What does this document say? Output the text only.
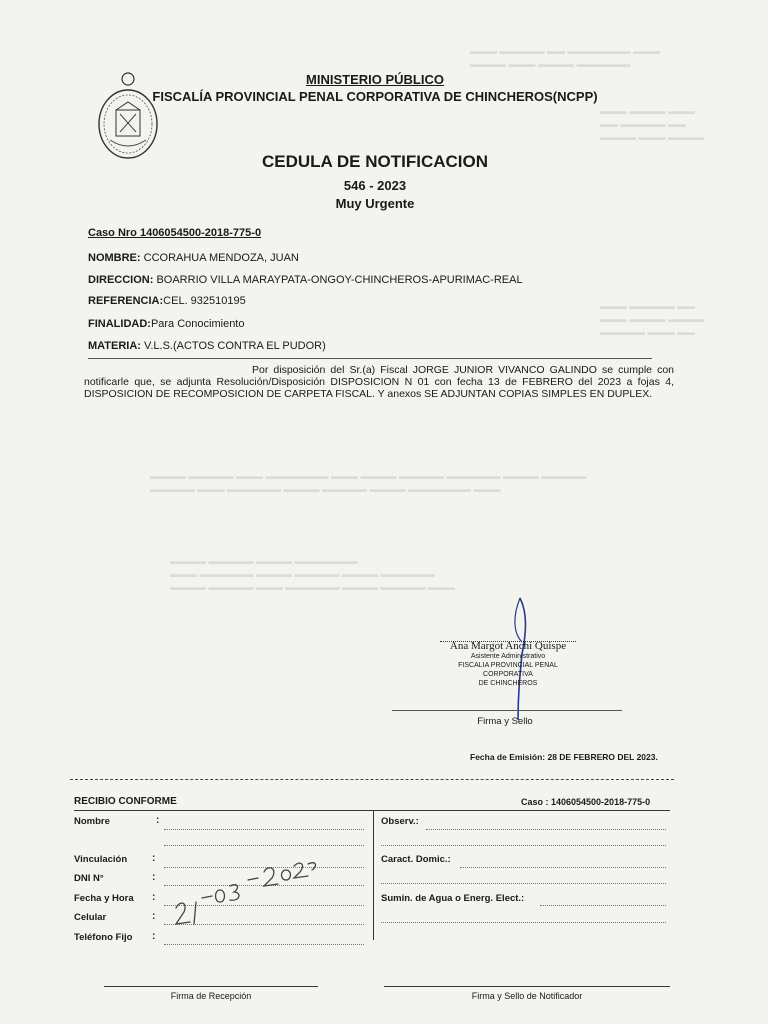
▬▬▬ ▬▬▬▬▬ ▬▬ ▬▬▬▬▬▬▬ ▬▬▬
▬▬▬▬ ▬▬▬ ▬▬▬▬ ▬▬▬▬▬▬
▬▬▬ ▬▬▬▬ ▬▬▬
▬▬ ▬▬▬▬▬ ▬▬
▬▬▬▬ ▬▬▬ ▬▬▬▬
▬▬▬ ▬▬▬▬▬ ▬▬
▬▬▬ ▬▬▬▬ ▬▬▬▬
▬▬▬▬▬ ▬▬▬ ▬▬
▬▬▬▬ ▬▬▬▬▬ ▬▬▬ ▬▬▬▬▬▬▬ ▬▬▬ ▬▬▬▬ ▬▬▬▬▬ ▬▬▬▬▬▬ ▬▬▬▬ ▬▬▬▬▬
▬▬▬▬▬ ▬▬▬ ▬▬▬▬▬▬ ▬▬▬▬ ▬▬▬▬▬ ▬▬▬▬ ▬▬▬▬▬▬▬ ▬▬▬
▬▬▬▬ ▬▬▬▬▬ ▬▬▬▬ ▬▬▬▬▬▬▬
▬▬▬ ▬▬▬▬▬▬ ▬▬▬▬ ▬▬▬▬▬ ▬▬▬▬ ▬▬▬▬▬▬
▬▬▬▬ ▬▬▬▬▬ ▬▬▬ ▬▬▬▬▬▬ ▬▬▬▬ ▬▬▬▬▬ ▬▬▬
MINISTERIO PÚBLICO
FISCALÍA PROVINCIAL PENAL CORPORATIVA DE CHINCHEROS(NCPP)
CEDULA DE NOTIFICACION
546 - 2023
Muy Urgente
Caso Nro 1406054500-2018-775-0
NOMBRE: CCORAHUA MENDOZA, JUAN
DIRECCION: BOARRIO VILLA MARAYPATA-ONGOY-CHINCHEROS-APURIMAC-REAL
REFERENCIA:CEL. 932510195
FINALIDAD:Para Conocimiento
MATERIA: V.L.S.(ACTOS CONTRA EL PUDOR)
Por disposición del Sr.(a) Fiscal JORGE JUNIOR VIVANCO GALINDO se cumple con notificarle que, se adjunta Resolución/Disposición DISPOSICION N 01 con fecha 13 de FEBRERO del 2023 a fojas 4, DISPOSICION DE RECOMPOSICION DE CARPETA FISCAL. Y anexos SE ADJUNTAN COPIAS SIMPLES EN DUPLEX.
Ana Margot Anchi Quispe
Asistente Administrativo
FISCALIA PROVINCIAL PENAL CORPORATIVA
DE CHINCHEROS
Firma y Sello
Fecha de Emisión: 28 DE FEBRERO DEL 2023.
RECIBIO CONFORME	Caso : 1406054500-2018-775-0
Nombre	:
Vinculación :
DNI N°	:
Fecha y Hora :
Celular	:
Teléfono Fijo :
Observ.:
Caract. Domic.:
Sumin. de Agua o Energ. Elect.:
Firma de Recepción	Firma y Sello de Notificador
